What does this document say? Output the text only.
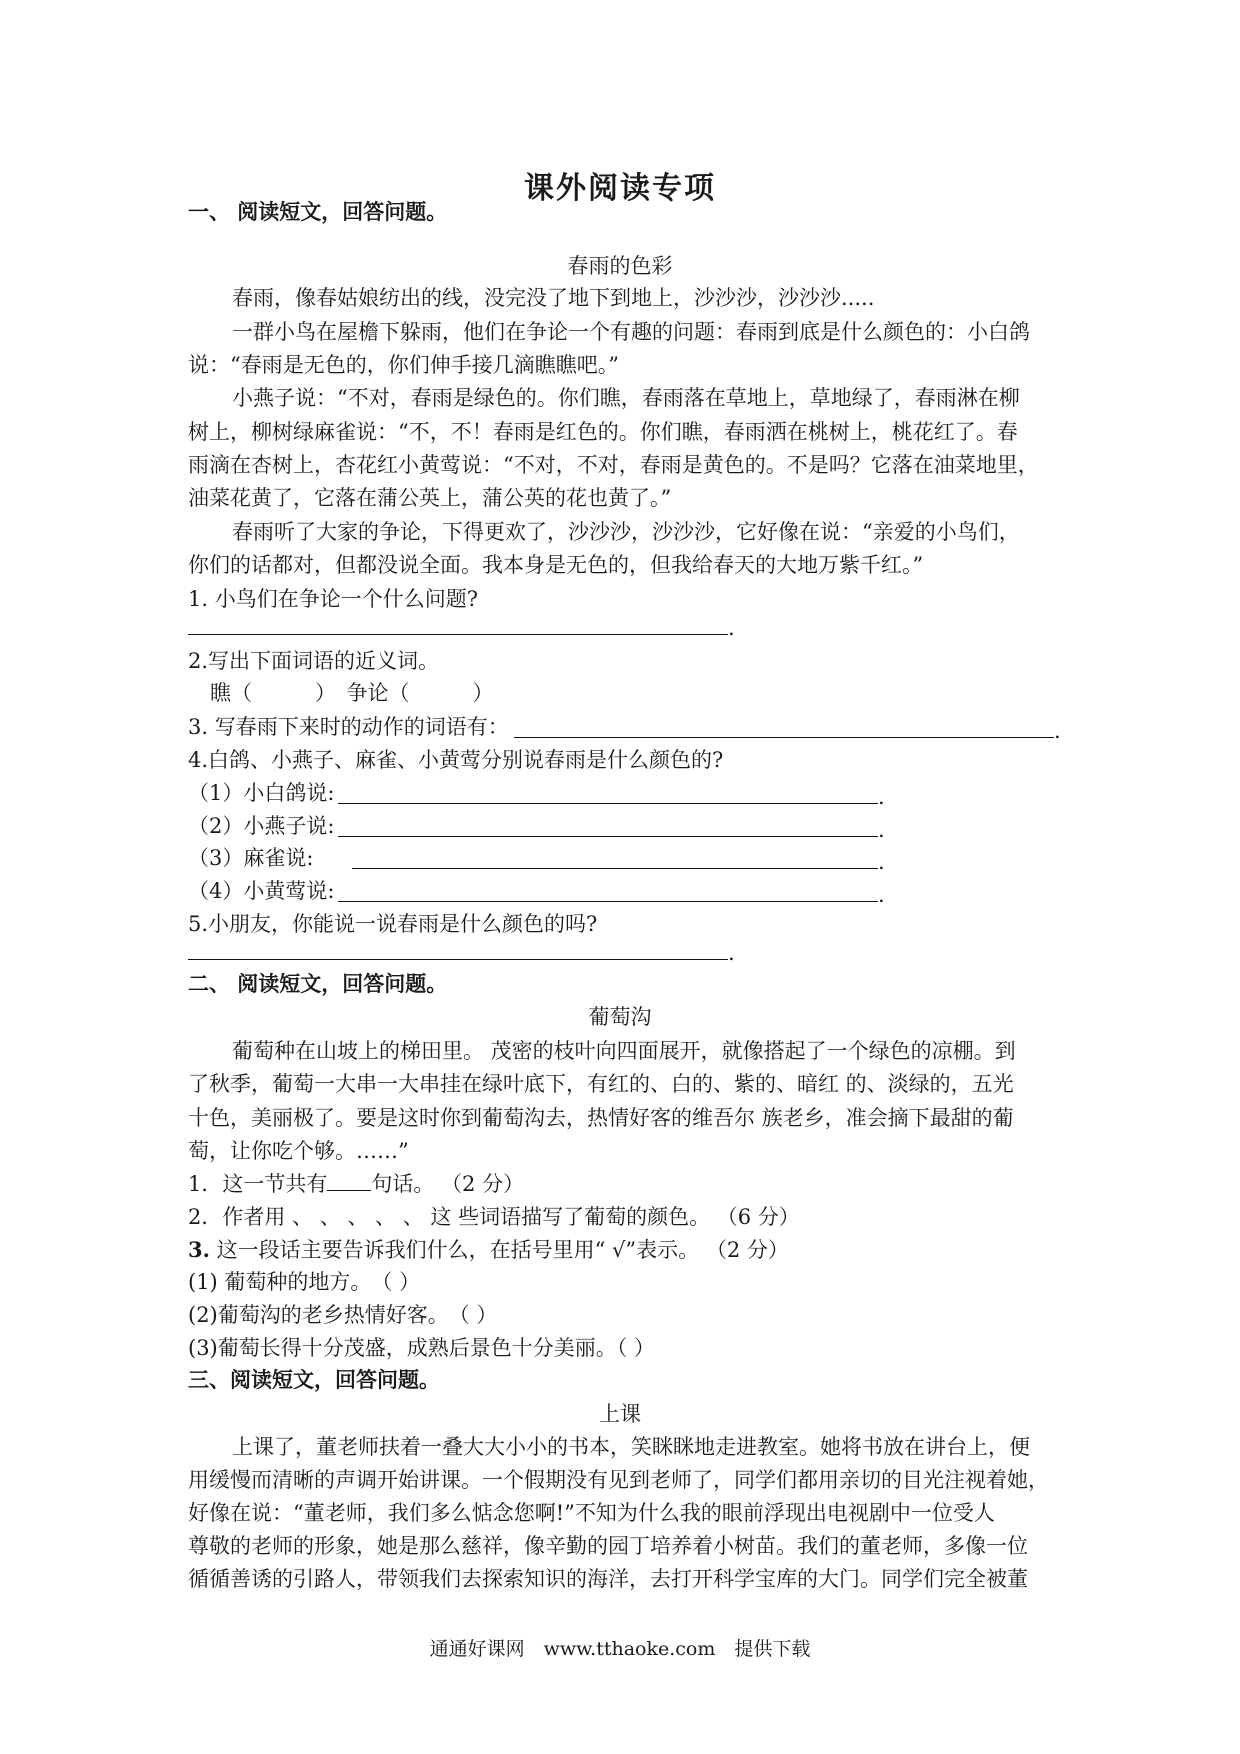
课外阅读专项
一、 阅读短文，回答问题。
春雨的色彩
春雨，像春姑娘纺出的线，没完没了地下到地上，沙沙沙，沙沙沙.....
一群小鸟在屋檐下躲雨，他们在争论一个有趣的问题：春雨到底是什么颜色的：小白鸽
说：“春雨是无色的，你们伸手接几滴瞧瞧吧。”
小燕子说：“不对，春雨是绿色的。你们瞧，春雨落在草地上，草地绿了，春雨淋在柳
树上，柳树绿麻雀说：“不，不！春雨是红色的。你们瞧，春雨洒在桃树上，桃花红了。春
雨滴在杏树上，杏花红小黄莺说：“不对，不对，春雨是黄色的。不是吗？它落在油菜地里，
油菜花黄了，它落在蒲公英上，蒲公英的花也黄了。”
春雨听了大家的争论，下得更欢了，沙沙沙，沙沙沙，它好像在说：“亲爱的小鸟们，
你们的话都对，但都没说全面。我本身是无色的，但我给春天的大地万紫千红。”
1. 小鸟们在争论一个什么问题?
.
2.写出下面词语的近义词。
瞧（　　　）　争论（　　　）
3. 写春雨下来时的动作的词语有：	.
4.白鸽、小燕子、麻雀、小黄莺分别说春雨是什么颜色的?
（1）小白鸽说:	.
（2）小燕子说:	.
（3）麻雀说:	.
（4）小黄莺说:	.
5.小朋友，你能说一说春雨是什么颜色的吗?
.
二、 阅读短文，回答问题。
葡萄沟
葡萄种在山坡上的梯田里。 茂密的枝叶向四面展开，就像搭起了一个绿色的凉棚。到
了秋季，葡萄一大串一大串挂在绿叶底下，有红的、白的、紫的、暗红 的、淡绿的，五光
十色，美丽极了。要是这时你到葡萄沟去，热情好客的维吾尔 族老乡，准会摘下最甜的葡
萄，让你吃个够。……”
1．这一节共有 句话。 （2 分）
2．作者用 、 、 、 、 、 这 些词语描写了葡萄的颜色。 （6 分）
3. 这一段话主要告诉我们什么，在括号里用“ √”表示。 （2 分）
(1) 葡萄种的地方。　（ ）
(2)葡萄沟的老乡热情好客。　（ ）
(3)葡萄长得十分茂盛，成熟后景色十分美丽。（ ）
三、阅读短文，回答问题。
上课
上课了，董老师扶着一叠大大小小的书本，笑眯眯地走进教室。她将书放在讲台上，便
用缓慢而清晰的声调开始讲课。一个假期没有见到老师了，同学们都用亲切的目光注视着她，
好像在说：“董老师，我们多么惦念您啊!”不知为什么我的眼前浮现出电视剧中一位受人
尊敬的老师的形象，她是那么慈祥，像辛勤的园丁培养着小树苗。我们的董老师，多像一位
循循善诱的引路人，带领我们去探索知识的海洋，去打开科学宝库的大门。同学们完全被董
通通好课网　www.tthaoke.com　提供下载
